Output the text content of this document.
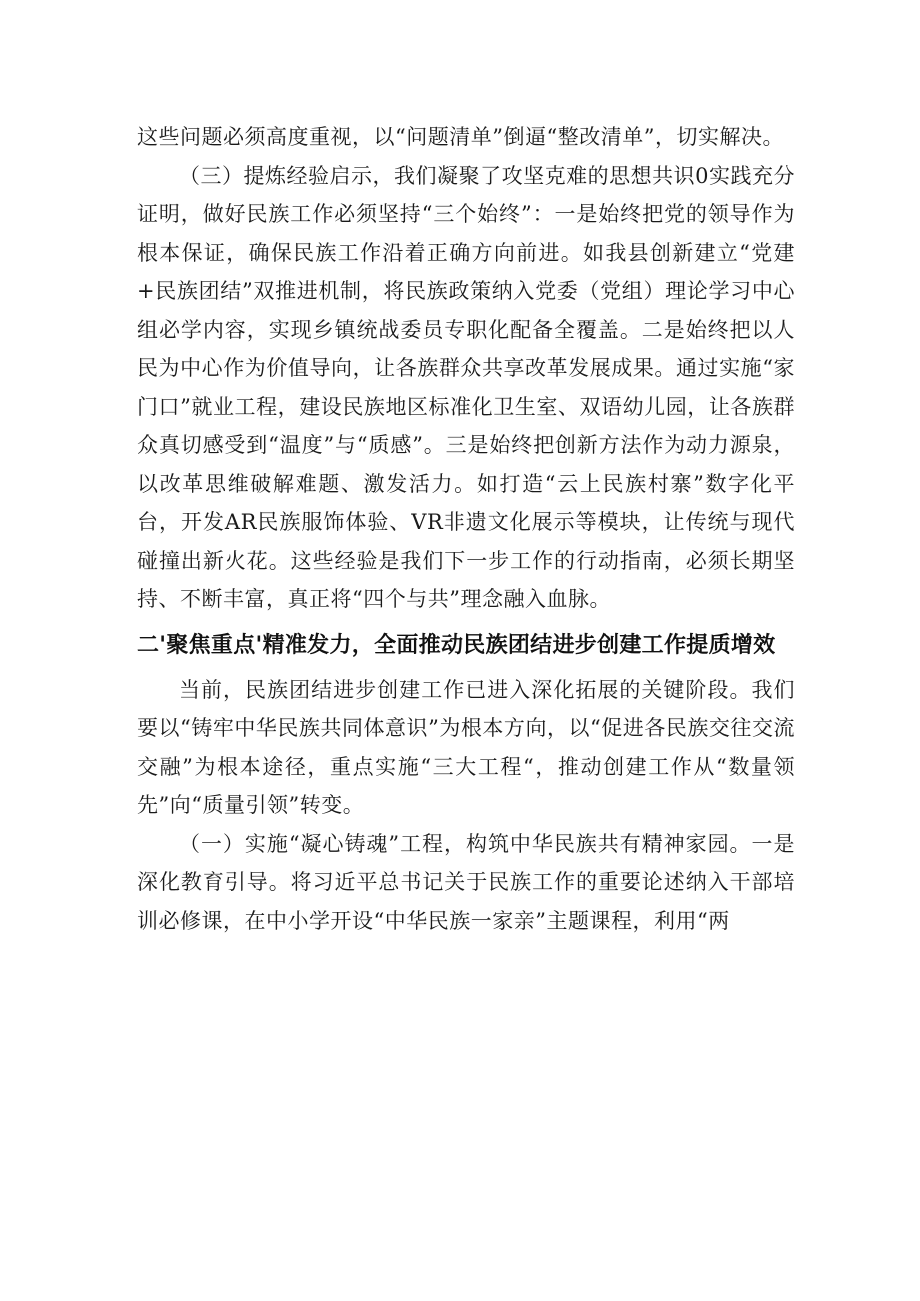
这些问题必须高度重视，以“问题清单”倒逼“整改清单”，切实解决。

（三）提炼经验启示，我们凝聚了攻坚克难的思想共识0实践充分证明，做好民族工作必须坚持“三个始终”：一是始终把党的领导作为根本保证，确保民族工作沿着正确方向前进。如我县创新建立“党建+民族团结”双推进机制，将民族政策纳入党委（党组）理论学习中心组必学内容，实现乡镇统战委员专职化配备全覆盖。二是始终把以人民为中心作为价值导向，让各族群众共享改革发展成果。通过实施“家门口”就业工程，建设民族地区标准化卫生室、双语幼儿园，让各族群众真切感受到“温度”与“质感”。三是始终把创新方法作为动力源泉，以改革思维破解难题、激发活力。如打造“云上民族村寨”数字化平台，开发AR民族服饰体验、VR非遗文化展示等模块，让传统与现代碰撞出新火花。这些经验是我们下一步工作的行动指南，必须长期坚持、不断丰富，真正将“四个与共”理念融入血脉。

二'聚焦重点'精准发力，全面推动民族团结进步创建工作提质增效

当前，民族团结进步创建工作已进入深化拓展的关键阶段。我们要以“铸牢中华民族共同体意识”为根本方向，以“促进各民族交往交流交融”为根本途径，重点实施“三大工程“，推动创建工作从“数量领先”向“质量引领”转变。

（一）实施“凝心铸魂”工程，构筑中华民族共有精神家园。一是深化教育引导。将习近平总书记关于民族工作的重要论述纳入干部培训必修课，在中小学开设“中华民族一家亲”主题课程，利用“两
